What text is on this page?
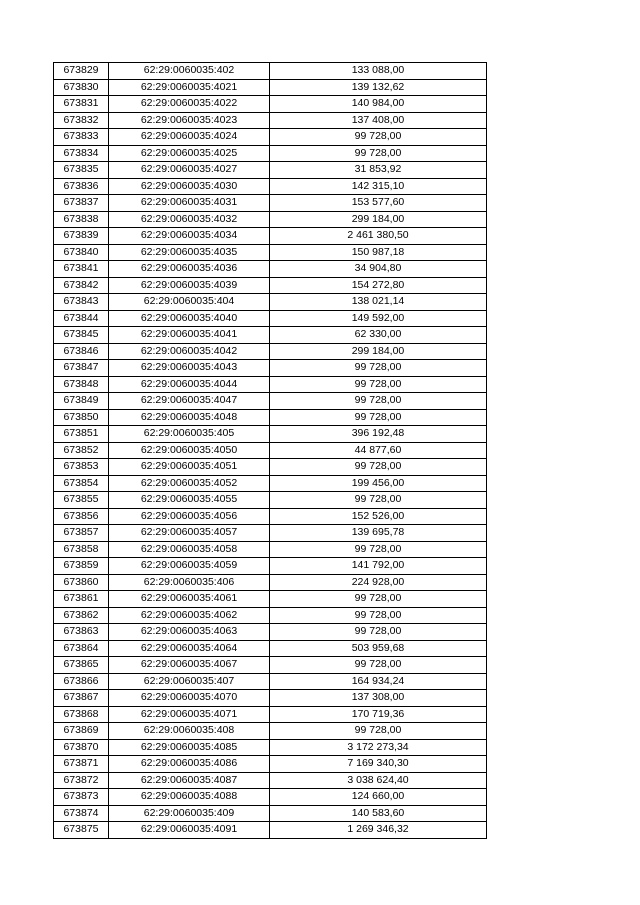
673829	62:29:0060035:402	133 088,00
673830	62:29:0060035:4021	139 132,62
673831	62:29:0060035:4022	140 984,00
673832	62:29:0060035:4023	137 408,00
673833	62:29:0060035:4024	99 728,00
673834	62:29:0060035:4025	99 728,00
673835	62:29:0060035:4027	31 853,92
673836	62:29:0060035:4030	142 315,10
673837	62:29:0060035:4031	153 577,60
673838	62:29:0060035:4032	299 184,00
673839	62:29:0060035:4034	2 461 380,50
673840	62:29:0060035:4035	150 987,18
673841	62:29:0060035:4036	34 904,80
673842	62:29:0060035:4039	154 272,80
673843	62:29:0060035:404	138 021,14
673844	62:29:0060035:4040	149 592,00
673845	62:29:0060035:4041	62 330,00
673846	62:29:0060035:4042	299 184,00
673847	62:29:0060035:4043	99 728,00
673848	62:29:0060035:4044	99 728,00
673849	62:29:0060035:4047	99 728,00
673850	62:29:0060035:4048	99 728,00
673851	62:29:0060035:405	396 192,48
673852	62:29:0060035:4050	44 877,60
673853	62:29:0060035:4051	99 728,00
673854	62:29:0060035:4052	199 456,00
673855	62:29:0060035:4055	99 728,00
673856	62:29:0060035:4056	152 526,00
673857	62:29:0060035:4057	139 695,78
673858	62:29:0060035:4058	99 728,00
673859	62:29:0060035:4059	141 792,00
673860	62:29:0060035:406	224 928,00
673861	62:29:0060035:4061	99 728,00
673862	62:29:0060035:4062	99 728,00
673863	62:29:0060035:4063	99 728,00
673864	62:29:0060035:4064	503 959,68
673865	62:29:0060035:4067	99 728,00
673866	62:29:0060035:407	164 934,24
673867	62:29:0060035:4070	137 308,00
673868	62:29:0060035:4071	170 719,36
673869	62:29:0060035:408	99 728,00
673870	62:29:0060035:4085	3 172 273,34
673871	62:29:0060035:4086	7 169 340,30
673872	62:29:0060035:4087	3 038 624,40
673873	62:29:0060035:4088	124 660,00
673874	62:29:0060035:409	140 583,60
673875	62:29:0060035:4091	1 269 346,32
